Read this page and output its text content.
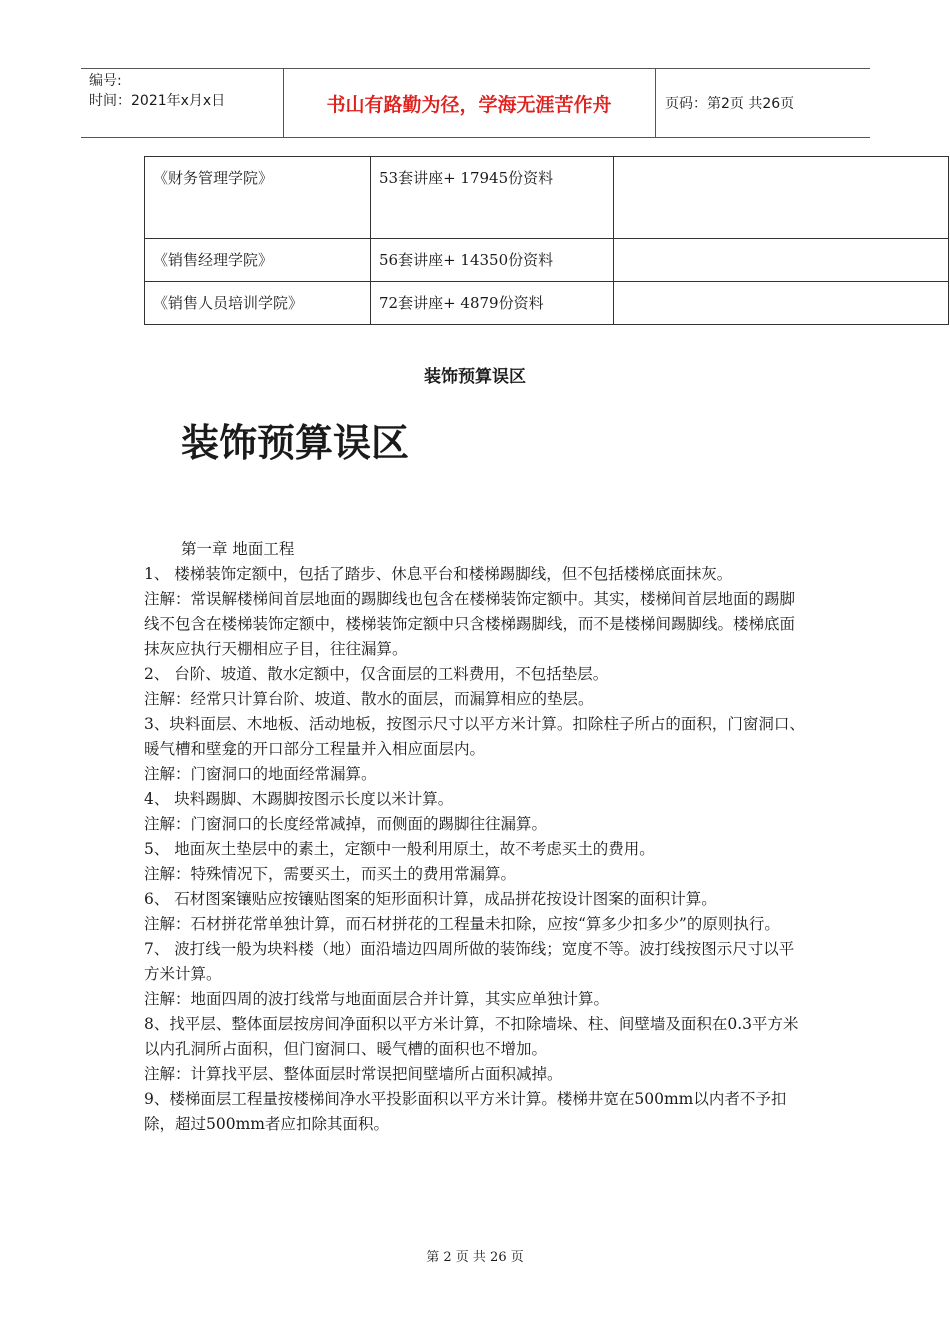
编号:
时间：2021年x月x日	书山有路勤为径，学海无涯苦作舟	页码：第2页 共26页
《财务管理学院》	53套讲座+ 17945份资料	
《销售经理学院》	56套讲座+ 14350份资料	
《销售人员培训学院》	72套讲座+ 4879份资料	
装饰预算误区
装饰预算误区

第一章 地面工程

1、 楼梯装饰定额中，包括了踏步、休息平台和楼梯踢脚线，但不包括楼梯底面抹灰。

注解：常误解楼梯间首层地面的踢脚线也包含在楼梯装饰定额中。其实，楼梯间首层地面的踢脚线不包含在楼梯装饰定额中，楼梯装饰定额中只含楼梯踢脚线，而不是楼梯间踢脚线。楼梯底面抹灰应执行天棚相应子目，往往漏算。

2、 台阶、坡道、散水定额中，仅含面层的工料费用，不包括垫层。

注解：经常只计算台阶、坡道、散水的面层，而漏算相应的垫层。

3、块料面层、木地板、活动地板，按图示尺寸以平方米计算。扣除柱子所占的面积，门窗洞口、暖气槽和壁龛的开口部分工程量并入相应面层内。

注解：门窗洞口的地面经常漏算。

4、 块料踢脚、木踢脚按图示长度以米计算。

注解：门窗洞口的长度经常减掉，而侧面的踢脚往往漏算。

5、 地面灰土垫层中的素土，定额中一般利用原土，故不考虑买土的费用。

注解：特殊情况下，需要买土，而买土的费用常漏算。

6、 石材图案镶贴应按镶贴图案的矩形面积计算，成品拼花按设计图案的面积计算。

注解：石材拼花常单独计算，而石材拼花的工程量未扣除，应按“算多少扣多少”的原则执行。

7、 波打线一般为块料楼（地）面沿墙边四周所做的装饰线；宽度不等。波打线按图示尺寸以平方米计算。

注解：地面四周的波打线常与地面面层合并计算，其实应单独计算。

8、找平层、整体面层按房间净面积以平方米计算，不扣除墙垛、柱、间壁墙及面积在0.3平方米以内孔洞所占面积，但门窗洞口、暖气槽的面积也不增加。

注解：计算找平层、整体面层时常误把间壁墙所占面积减掉。

9、楼梯面层工程量按楼梯间净水平投影面积以平方米计算。楼梯井宽在500mm以内者不予扣除，超过500mm者应扣除其面积。

第 2 页 共 26 页
